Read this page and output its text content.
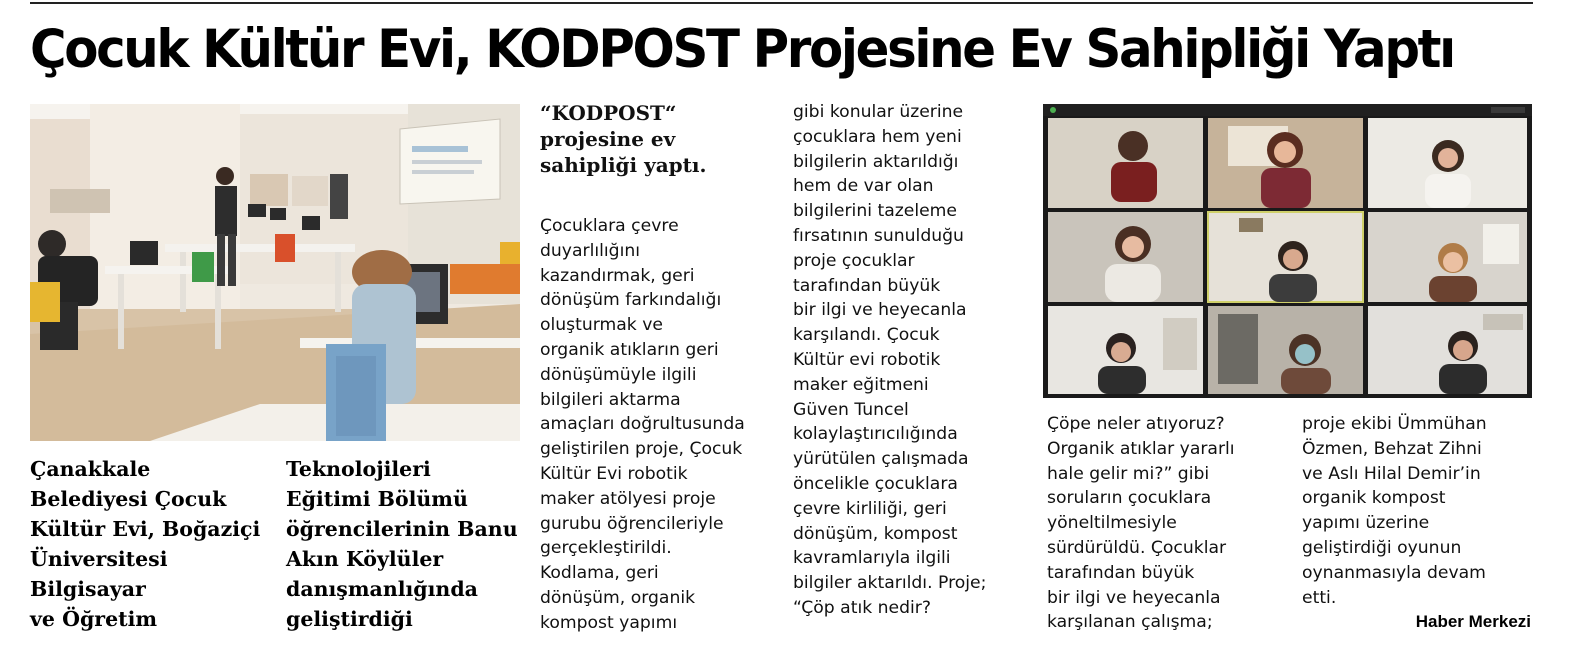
Çocuk Kültür Evi, KODPOST Projesine Ev Sahipliği Yaptı
Çanakkale
Belediyesi Çocuk
Kültür Evi, Boğaziçi
Üniversitesi
Bilgisayar
ve Öğretim
Teknolojileri
Eğitimi Bölümü
öğrencilerinin Banu
Akın Köylüler
danışmanlığında
geliştirdiği
“KODPOST“
projesine ev
sahipliği yaptı.
Çocuklara çevre
duyarlılığını
kazandırmak, geri
dönüşüm farkındalığı
oluşturmak ve
organik atıkların geri
dönüşümüyle ilgili
bilgileri aktarma
amaçları doğrultusunda
geliştirilen proje, Çocuk
Kültür Evi robotik
maker atölyesi proje
gurubu öğrencileriyle
gerçekleştirildi.
Kodlama, geri
dönüşüm, organik
kompost yapımı
gibi konular üzerine
çocuklara hem yeni
bilgilerin aktarıldığı
hem de var olan
bilgilerini tazeleme
fırsatının sunulduğu
proje çocuklar
tarafından büyük
bir ilgi ve heyecanla
karşılandı. Çocuk
Kültür evi robotik
maker eğitmeni
Güven Tuncel
kolaylaştırıcılığında
yürütülen çalışmada
öncelikle çocuklara
çevre kirliliği, geri
dönüşüm, kompost
kavramlarıyla ilgili
bilgiler aktarıldı. Proje;
“Çöp atık nedir?
Çöpe neler atıyoruz?
Organik atıklar yararlı
hale gelir mi?” gibi
soruların çocuklara
yöneltilmesiyle
sürdürüldü. Çocuklar
tarafından büyük
bir ilgi ve heyecanla
karşılanan çalışma;
proje ekibi Ümmühan
Özmen, Behzat Zihni
ve Aslı Hilal Demir’in
organik kompost
yapımı üzerine
geliştirdiği oyunun
oynanmasıyla devam
etti.
Haber Merkezi
